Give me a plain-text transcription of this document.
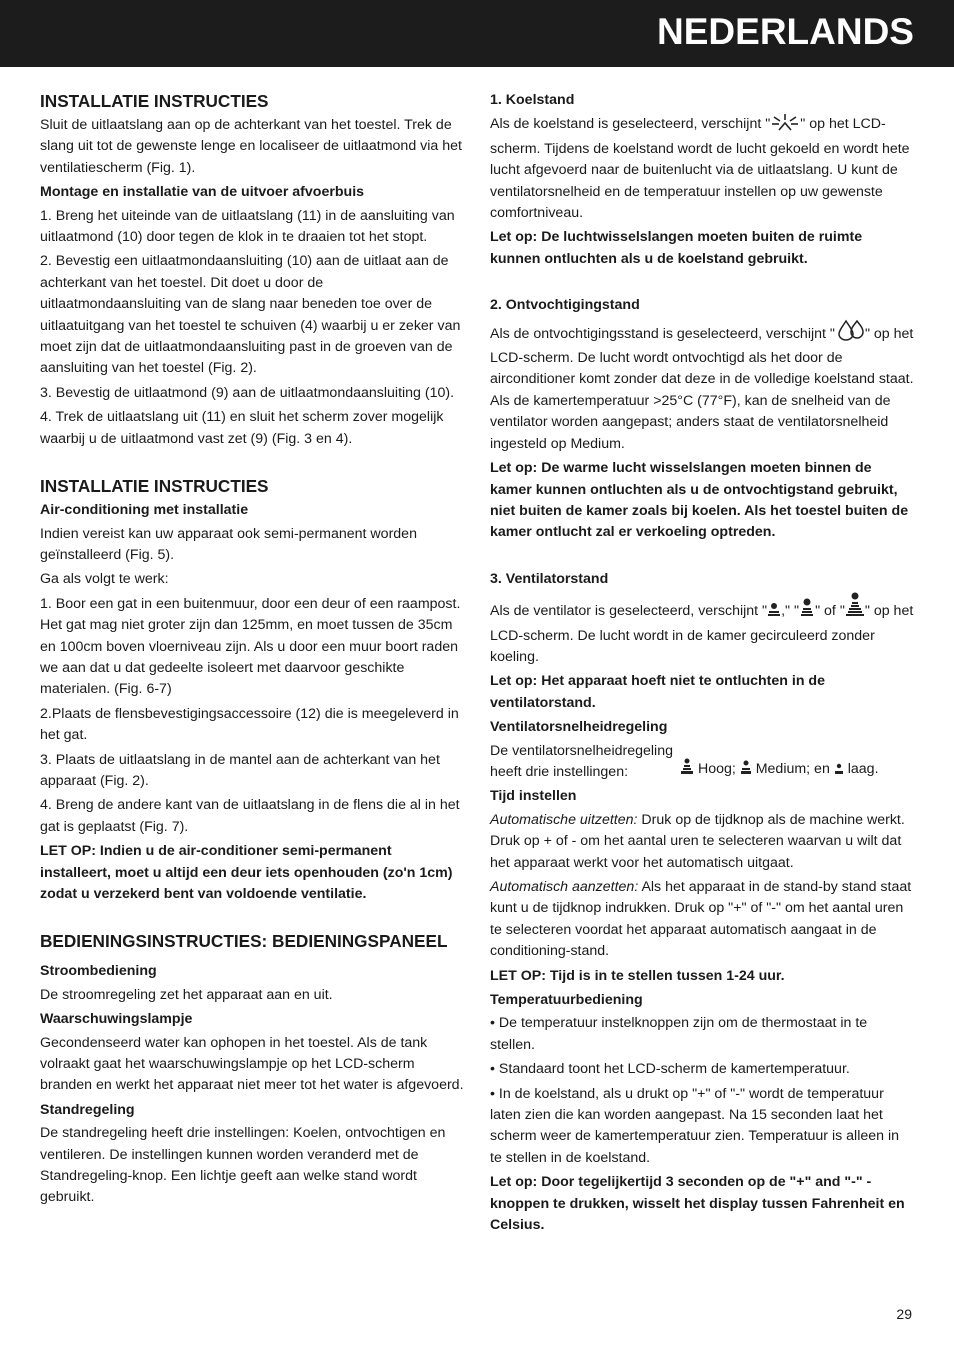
NEDERLANDS
INSTALLATIE INSTRUCTIES

Sluit de uitlaatslang aan op de achterkant van het toestel. Trek de slang uit tot de gewenste lenge en localiseer de uitlaatmond via het ventilatiescherm (Fig. 1).

Montage en installatie van de uitvoer afvoerbuis

1. Breng het uiteinde van de uitlaatslang (11) in de aansluiting van uitlaatmond (10) door tegen de klok in te draaien tot het stopt.

2. Bevestig een uitlaatmondaansluiting (10) aan de uitlaat aan de achterkant van het toestel. Dit doet u door de uitlaatmondaansluiting van de slang naar beneden toe over de uitlaatuitgang van het toestel te schuiven (4) waarbij u er zeker van moet zijn dat de uitlaatmondaansluiting past in de groeven van de aansluiting van het toestel (Fig. 2).

3. Bevestig de uitlaatmond (9) aan de uitlaatmondaansluiting (10).

4. Trek de uitlaatslang uit (11) en sluit het scherm zover mogelijk waarbij u de uitlaatmond vast zet (9) (Fig. 3 en 4).

INSTALLATIE INSTRUCTIES
Air-conditioning met installatie

Indien vereist kan uw apparaat ook semi-permanent worden geïnstalleerd (Fig. 5).

Ga als volgt te werk:

1. Boor een gat in een buitenmuur, door een deur of een raampost. Het gat mag niet groter zijn dan 125mm, en moet tussen de 35cm en 100cm boven vloerniveau zijn. Als u door een muur boort raden we aan dat u dat gedeelte isoleert met daarvoor geschikte materialen. (Fig. 6-7)

2.Plaats de flensbevestigingsaccessoire (12) die is meegeleverd in het gat.

3. Plaats de uitlaatslang in de mantel aan de achterkant van het apparaat (Fig. 2).

4. Breng de andere kant van de uitlaatslang in de flens die al in het gat is geplaatst (Fig. 7).

LET OP: Indien u de air-conditioner semi-permanent installeert, moet u altijd een deur iets openhouden (zo'n 1cm) zodat u verzekerd bent van voldoende ventilatie.

BEDIENINGSINSTRUCTIES: BEDIENINGSPANEEL
Stroombediening

De stroomregeling zet het apparaat aan en uit.

Waarschuwingslampje

Gecondenseerd water kan ophopen in het toestel. Als de tank volraakt gaat het waarschuwingslampje op het LCD-scherm branden en werkt het apparaat niet meer tot het water is afgevoerd.

Standregeling

De standregeling heeft drie instellingen: Koelen, ontvochtigen en ventileren. De instellingen kunnen worden veranderd met de Standregeling-knop. Een lichtje geeft aan welke stand wordt gebruikt.

1. Koelstand

Als de koelstand is geselecteerd, verschijnt " " op het LCD-scherm. Tijdens de koelstand wordt de lucht gekoeld en wordt hete lucht afgevoerd naar de buitenlucht via de uitlaatslang. U kunt de ventilatorsnelheid en de temperatuur instellen op uw gewenste comfortniveau.

Let op: De luchtwisselslangen moeten buiten de ruimte kunnen ontluchten als u de koelstand gebruikt.

2. Ontvochtigingstand

Als de ontvochtigingsstand is geselecteerd, verschijnt " " op het LCD-scherm. De lucht wordt ontvochtigd als het door de airconditioner komt zonder dat deze in de volledige koelstand staat. Als de kamertemperatuur >25°C (77°F), kan de snelheid van de ventilator worden aangepast; anders staat de ventilatorsnelheid ingesteld op Medium.

Let op: De warme lucht wisselslangen moeten binnen de kamer kunnen ontluchten als u de ontvochtigstand gebruikt, niet buiten de kamer zoals bij koelen. Als het toestel buiten de kamer ontlucht zal er verkoeling optreden.

3. Ventilatorstand

Als de ventilator is geselecteerd, verschijnt " ," " " of " " op het LCD-scherm. De lucht wordt in de kamer gecirculeerd zonder koeling.

Let op: Het apparaat hoeft niet te ontluchten in de ventilatorstand.

Ventilatorsnelheidregeling

De ventilatorsnelheidregeling heeft drie instellingen:	Hoog; Medium; en laag.

Tijd instellen

Automatische uitzetten: Druk op de tijdknop als de machine werkt. Druk op + of - om het aantal uren te selecteren waarvan u wilt dat het apparaat werkt voor het automatisch uitgaat.

Automatisch aanzetten: Als het apparaat in de stand-by stand staat kunt u de tijdknop indrukken. Druk op "+" of "-" om het aantal uren te selecteren voordat het apparaat automatisch aangaat in de conditioning-stand.

LET OP: Tijd is in te stellen tussen 1-24 uur.

Temperatuurbediening

• De temperatuur instelknoppen zijn om de thermostaat in te stellen.

• Standaard toont het LCD-scherm de kamertemperatuur.

• In de koelstand, als u drukt op "+" of "-" wordt de temperatuur laten zien die kan worden aangepast. Na 15 seconden laat het scherm weer de kamertemperatuur zien. Temperatuur is alleen in te stellen in de koelstand.

Let op: Door tegelijkertijd 3 seconden op de "+" and "-" -knoppen te drukken, wisselt het display tussen Fahrenheit en Celsius.

29
